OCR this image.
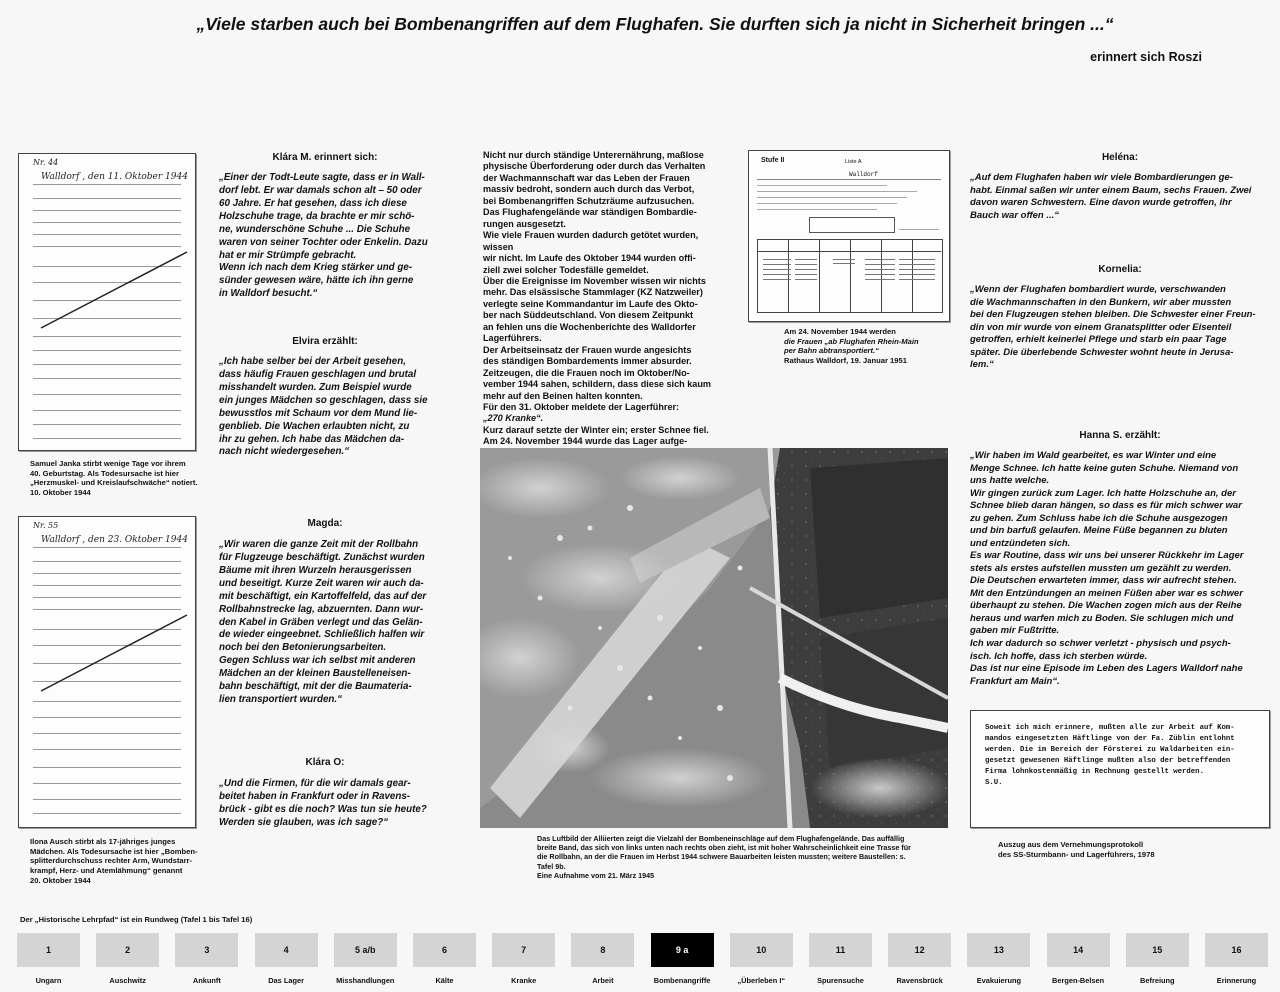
„Viele starben auch bei Bombenangriffen auf dem Flughafen. Sie durften sich ja nicht in Sicherheit bringen ...“
erinnert sich Roszi
Nr. 44
Walldorf , den 11. Oktober 1944
Samuel Janka stirbt wenige Tage vor ihrem
40. Geburtstag. Als Todesursache ist hier
„Herzmuskel- und Kreislaufschwäche“ notiert.
10. Oktober 1944
Nr. 55
Walldorf , den 23. Oktober 1944
Ilona Ausch stirbt als 17-jähriges junges
Mädchen. Als Todesursache ist hier „Bomben-
splitterdurchschuss rechter Arm, Wundstarr-
krampf, Herz- und Atemlähmung“ genannt
20. Oktober 1944
Klára M. erinnert sich:
„Einer der Todt-Leute sagte, dass er in Wall-
dorf lebt. Er war damals schon alt – 50 oder
60 Jahre. Er hat gesehen, dass ich diese
Holzschuhe trage, da brachte er mir schö-
ne, wunderschöne Schuhe ... Die Schuhe
waren von seiner Tochter oder Enkelin. Dazu
hat er mir Strümpfe gebracht.
Wenn ich nach dem Krieg stärker und ge-
sünder gewesen wäre, hätte ich ihn gerne
in Walldorf besucht.“
Elvira erzählt:
„Ich habe selber bei der Arbeit gesehen,
dass häufig Frauen geschlagen und brutal
misshandelt wurden. Zum Beispiel wurde
ein junges Mädchen so geschlagen, dass sie
bewusstlos mit Schaum vor dem Mund lie-
genblieb. Die Wachen erlaubten nicht, zu
ihr zu gehen. Ich habe das Mädchen da-
nach nicht wiedergesehen.“
Magda:
„Wir waren die ganze Zeit mit der Rollbahn
für Flugzeuge beschäftigt. Zunächst wurden
Bäume mit ihren Wurzeln herausgerissen
und beseitigt. Kurze Zeit waren wir auch da-
mit beschäftigt, ein Kartoffelfeld, das auf der
Rollbahnstrecke lag, abzuernten. Dann wur-
den Kabel in Gräben verlegt und das Gelän-
de wieder eingeebnet. Schließlich halfen wir
noch bei den Betonierungsarbeiten.
Gegen Schluss war ich selbst mit anderen
Mädchen an der kleinen Baustelleneisen-
bahn beschäftigt, mit der die Baumateria-
lien transportiert wurden.“
Klára O:
„Und die Firmen, für die wir damals gear-
beitet haben in Frankfurt oder in Ravens-
brück - gibt es die noch? Was tun sie heute?
Werden sie glauben, was ich sage?“
Nicht nur durch ständige Unterernährung, maßlose
physische Überforderung oder durch das Verhalten
der Wachmannschaft war das Leben der Frauen
massiv bedroht, sondern auch durch das Verbot,
bei Bombenangriffen Schutzräume aufzusuchen.
Das Flughafengelände war ständigen Bombardie-
rungen ausgesetzt.
Wie viele Frauen wurden dadurch getötet wurden, wissen
wir nicht. Im Laufe des Oktober 1944 wurden offi-
ziell zwei solcher Todesfälle gemeldet.
Über die Ereignisse im November wissen wir nichts
mehr. Das elsässische Stammlager (KZ Natzweiler)
verlegte seine Kommandantur im Laufe des Okto-
ber nach Süddeutschland. Von diesem Zeitpunkt
an fehlen uns die Wochenberichte des Walldorfer
Lagerführers.
Der Arbeitseinsatz der Frauen wurde angesichts
des ständigen Bombardements immer absurder.
Zeitzeugen, die die Frauen noch im Oktober/No-
vember 1944 sahen, schildern, dass diese sich kaum
mehr auf den Beinen halten konnten.
Für den 31. Oktober meldete der Lagerführer:
„270 Kranke“.
Kurz darauf setzte der Winter ein; erster Schnee fiel.
Am 24. November 1944 wurde das Lager aufge-
Stufe II	Liste A
Walldorf
Am 24. November 1944 werden
die Frauen „ab Flughafen Rhein-Main
per Bahn abtransportiert.“
Rathaus Walldorf, 19. Januar 1951
Das Luftbild der Alliierten zeigt die Vielzahl der Bombeneinschläge auf dem Flughafengelände. Das auffällig
breite Band, das sich von links unten nach rechts oben zieht, ist mit hoher Wahrscheinlichkeit eine Trasse für
die Rollbahn, an der die Frauen im Herbst 1944 schwere Bauarbeiten leisten mussten; weitere Baustellen: s.
Tafel 9b.
Eine Aufnahme vom 21. März 1945
Heléna:
„Auf dem Flughafen haben wir viele Bombardierungen ge-
habt. Einmal saßen wir unter einem Baum, sechs Frauen. Zwei
davon waren Schwestern. Eine davon wurde getroffen, ihr
Bauch war offen ...“
Kornelia:
„Wenn der Flughafen bombardiert wurde, verschwanden
die Wachmannschaften in den Bunkern, wir aber mussten
bei den Flugzeugen stehen bleiben. Die Schwester einer Freun-
din von mir wurde von einem Granatsplitter oder Eisenteil
getroffen, erhielt keinerlei Pflege und starb ein paar Tage
später. Die überlebende Schwester wohnt heute in Jerusa-
lem.“
Hanna S. erzählt:
„Wir haben im Wald gearbeitet, es war Winter und eine
Menge Schnee. Ich hatte keine guten Schuhe. Niemand von
uns hatte welche.
Wir gingen zurück zum Lager. Ich hatte Holzschuhe an, der
Schnee blieb daran hängen, so dass es für mich schwer war
zu gehen. Zum Schluss habe ich die Schuhe ausgezogen
und bin barfuß gelaufen. Meine Füße begannen zu bluten
und entzündeten sich.
Es war Routine, dass wir uns bei unserer Rückkehr im Lager
stets als erstes aufstellen mussten um gezählt zu werden.
Die Deutschen erwarteten immer, dass wir aufrecht stehen.
Mit den Entzündungen an meinen Füßen aber war es schwer
überhaupt zu stehen. Die Wachen zogen mich aus der Reihe
heraus und warfen mich zu Boden. Sie schlugen mich und
gaben mir Fußtritte.
Ich war dadurch so schwer verletzt - physisch und psych-
isch. Ich hoffe, dass ich sterben würde.
Das ist nur eine Episode im Leben des Lagers Walldorf nahe
Frankfurt am Main“.
Soweit ich mich erinnere, mußten alle zur Arbeit auf Kom-
mandos eingesetzten Häftlinge von der Fa. Züblin entlohnt
werden. Die im Bereich der Försterei zu Waldarbeiten ein-
gesetzt gewesenen Häftlinge mußten also der betreffenden
Firma lohnkostenmäßig in Rechnung gestellt werden.
S.U.
Auszug aus dem Vernehmungsprotokoll
des SS-Sturmbann- und Lagerführers, 1978
Der „Historische Lehrpfad“ ist ein Rundweg (Tafel 1 bis Tafel 16)
1
Ungarn
2
Auschwitz
3
Ankunft
4
Das Lager
5 a/b
Misshandlungen
6
Kälte
7
Kranke
8
Arbeit
9 a
Bombenangriffe
10
„Überleben I“
11
Spurensuche
12
Ravensbrück
13
Evakuierung
14
Bergen-Belsen
15
Befreiung
16
Erinnerung
